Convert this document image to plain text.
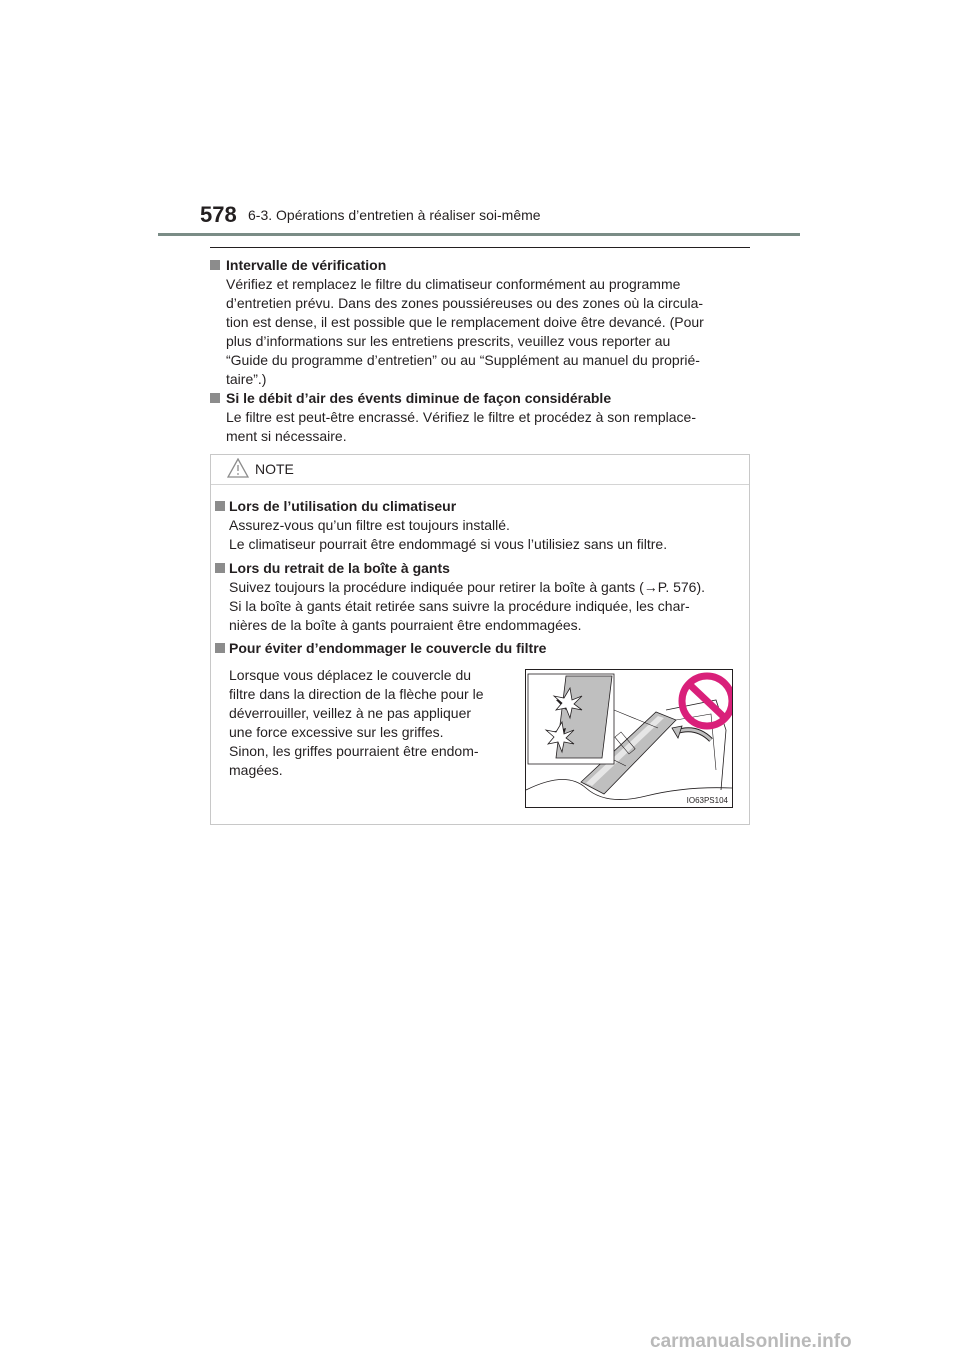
578 6-3. Opérations d’entretien à réaliser soi-même
Intervalle de vérification
Vérifiez et remplacez le filtre du climatiseur conformément au programme
d’entretien prévu. Dans des zones poussiéreuses ou des zones où la circula-
tion est dense, il est possible que le remplacement doive être devancé. (Pour
plus d’informations sur les entretiens prescrits, veuillez vous reporter au
“Guide du programme d’entretien” ou au “Supplément au manuel du proprié-
taire”.)
Si le débit d’air des évents diminue de façon considérable
Le filtre est peut-être encrassé. Vérifiez le filtre et procédez à son remplace-
ment si nécessaire.
NOTE
Lors de l’utilisation du climatiseur
Assurez-vous qu’un filtre est toujours installé.
Le climatiseur pourrait être endommagé si vous l’utilisiez sans un filtre.
Lors du retrait de la boîte à gants
Suivez toujours la procédure indiquée pour retirer la boîte à gants (→P. 576).
Si la boîte à gants était retirée sans suivre la procédure indiquée, les char-
nières de la boîte à gants pourraient être endommagées.
Pour éviter d’endommager le couvercle du filtre
Lorsque vous déplacez le couvercle du
filtre dans la direction de la flèche pour le
déverrouiller, veillez à ne pas appliquer
une force excessive sur les griffes.
Sinon, les griffes pourraient être endom-
magées.
IO63PS104
carmanualsonline.info
